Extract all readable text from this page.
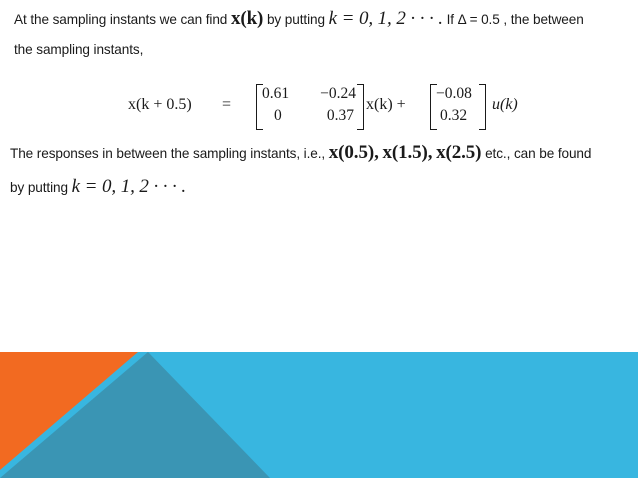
At the sampling instants we can find x(k) by putting k = 0, 1, 2 · · · . If Δ = 0.5 , the between
the sampling instants,
x(k + 0.5) =
0.61 −0.24
0	0.37
x(k) +
−0.08
0.32
u(k)
The responses in between the sampling instants, i.e., x(0.5), x(1.5), x(2.5) etc., can be found
by putting k = 0, 1, 2 · · · .
